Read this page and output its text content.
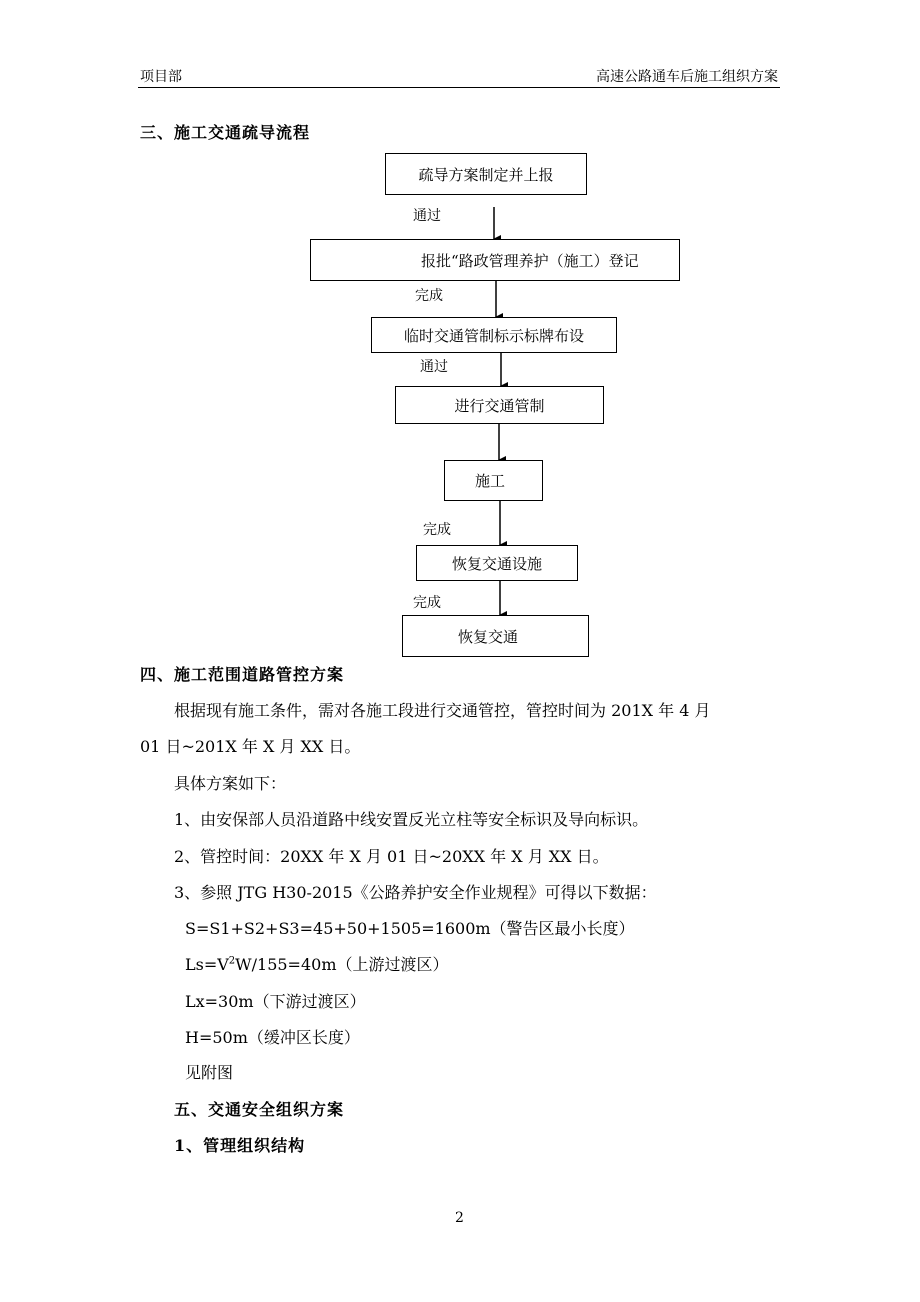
项目部	高速公路通车后施工组织方案
三、施工交通疏导流程
疏导方案制定并上报
报批“路政管理养护（施工）登记
临时交通管制标示标牌布设
进行交通管制
施工
恢复交通设施
恢复交通
通过
完成
通过
完成
完成
四、施工范围道路管控方案
根据现有施工条件，需对各施工段进行交通管控，管控时间为 201X 年 4 月
01 日~201X 年 X 月 XX 日。
具体方案如下：
1、由安保部人员沿道路中线安置反光立柱等安全标识及导向标识。
2、管控时间：20XX 年 X 月 01 日~20XX 年 X 月 XX 日。
3、参照 JTG H30-2015《公路养护安全作业规程》可得以下数据：
S=S1+S2+S3=45+50+1505=1600m（警告区最小长度）
$Ls=V^2W/155=40m$（上游过渡区）
Lx=30m（下游过渡区）
H=50m（缓冲区长度）
见附图
五、交通安全组织方案
1、管理组织结构
2
